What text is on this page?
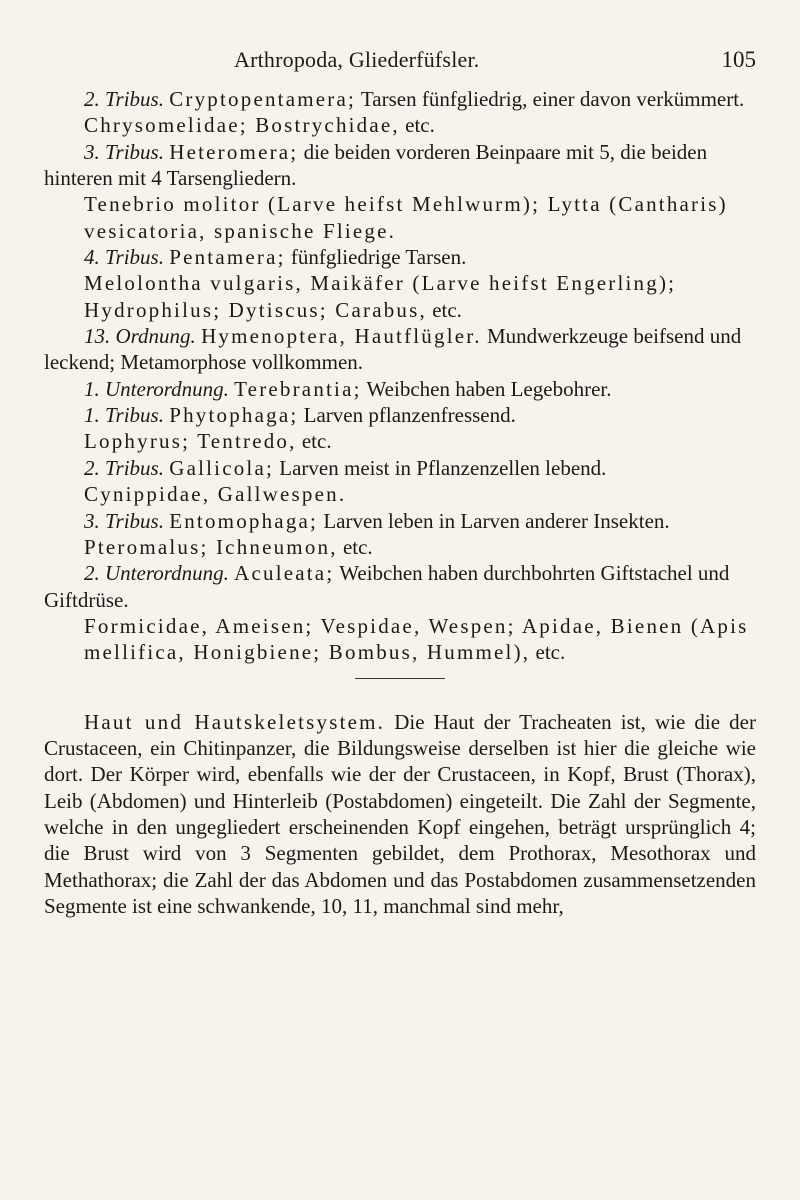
Arthropoda, Gliederfüfsler.	105

2. Tribus. Cryptopentamera; Tarsen fünfgliedrig, einer davon verkümmert.

Chrysomelidae; Bostrychidae, etc.

3. Tribus. Heteromera; die beiden vorderen Beinpaare mit 5, die beiden hinteren mit 4 Tarsengliedern.

Tenebrio molitor (Larve heifst Mehlwurm); Lytta (Cantharis) vesicatoria, spanische Fliege.

4. Tribus. Pentamera; fünfgliedrige Tarsen.

Melolontha vulgaris, Maikäfer (Larve heifst Engerling); Hydrophilus; Dytiscus; Carabus, etc.

13. Ordnung. Hymenoptera, Hautflügler. Mundwerkzeuge beifsend und leckend; Metamorphose vollkommen.

1. Unterordnung. Terebrantia; Weibchen haben Legebohrer.

1. Tribus. Phytophaga; Larven pflanzenfressend.

Lophyrus; Tentredo, etc.

2. Tribus. Gallicola; Larven meist in Pflanzenzellen lebend.

Cynippidae, Gallwespen.

3. Tribus. Entomophaga; Larven leben in Larven anderer Insekten.

Pteromalus; Ichneumon, etc.

2. Unterordnung. Aculeata; Weibchen haben durchbohrten Giftstachel und Giftdrüse.

Formicidae, Ameisen; Vespidae, Wespen; Apidae, Bienen (Apis mellifica, Honigbiene; Bombus, Hummel), etc.

Haut und Hautskeletsystem. Die Haut der Tracheaten ist, wie die der Crustaceen, ein Chitinpanzer, die Bildungsweise derselben ist hier die gleiche wie dort. Der Körper wird, ebenfalls wie der der Crustaceen, in Kopf, Brust (Thorax), Leib (Abdomen) und Hinterleib (Postabdomen) eingeteilt. Die Zahl der Segmente, welche in den ungegliedert erscheinenden Kopf eingehen, beträgt ursprünglich 4; die Brust wird von 3 Segmenten gebildet, dem Prothorax, Mesothorax und Methathorax; die Zahl der das Abdomen und das Postabdomen zusammensetzenden Segmente ist eine schwankende, 10, 11, manchmal sind mehr,
